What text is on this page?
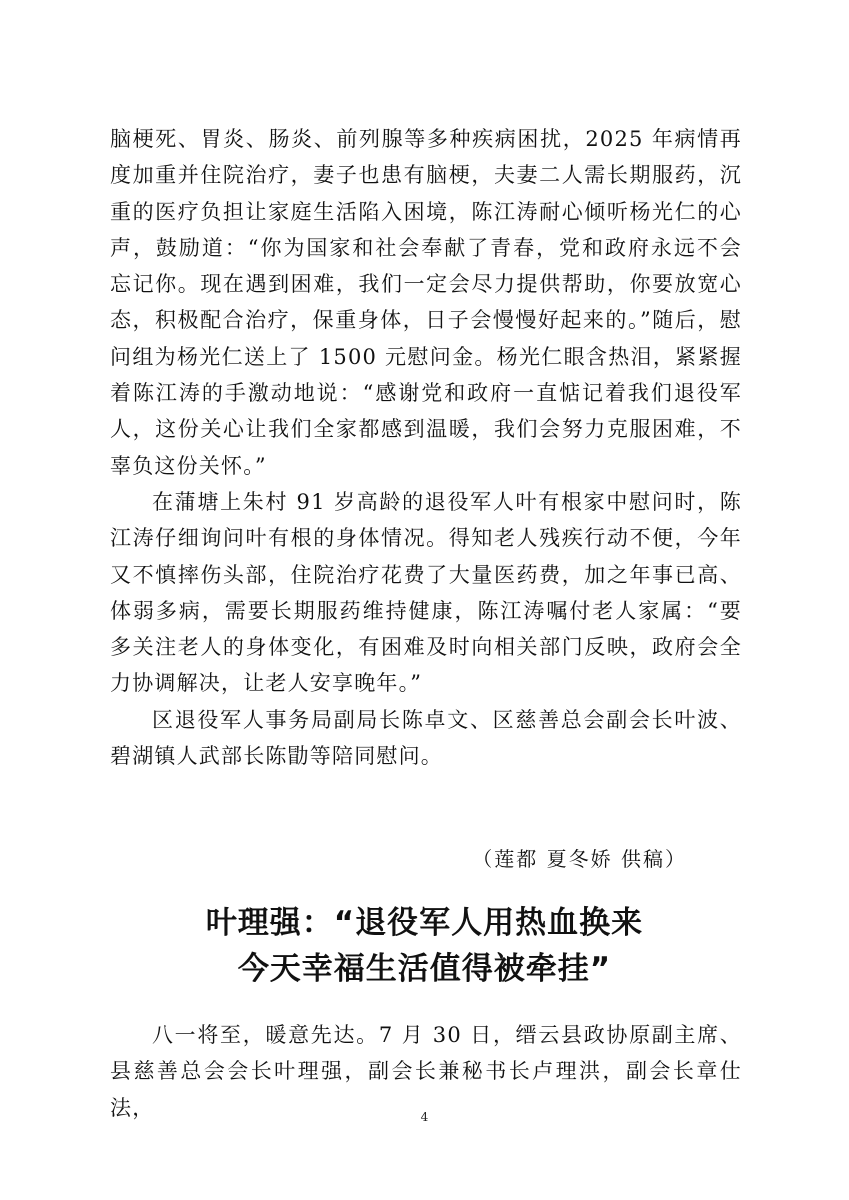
脑梗死、胃炎、肠炎、前列腺等多种疾病困扰，2025 年病情再度加重并住院治疗，妻子也患有脑梗，夫妻二人需长期服药，沉重的医疗负担让家庭生活陷入困境，陈江涛耐心倾听杨光仁的心声，鼓励道：“你为国家和社会奉献了青春，党和政府永远不会忘记你。现在遇到困难，我们一定会尽力提供帮助，你要放宽心态，积极配合治疗，保重身体，日子会慢慢好起来的。”随后，慰问组为杨光仁送上了 1500 元慰问金。杨光仁眼含热泪，紧紧握着陈江涛的手激动地说：“感谢党和政府一直惦记着我们退役军人，这份关心让我们全家都感到温暖，我们会努力克服困难，不辜负这份关怀。”

在蒲塘上朱村 91 岁高龄的退役军人叶有根家中慰问时，陈江涛仔细询问叶有根的身体情况。得知老人残疾行动不便，今年又不慎摔伤头部，住院治疗花费了大量医药费，加之年事已高、体弱多病，需要长期服药维持健康，陈江涛嘱付老人家属：“要多关注老人的身体变化，有困难及时向相关部门反映，政府会全力协调解决，让老人安享晚年。”

区退役军人事务局副局长陈卓文、区慈善总会副会长叶波、碧湖镇人武部长陈勖等陪同慰问。

（莲都 夏冬娇 供稿）

叶理强：“退役军人用热血换来
今天幸福生活值得被牵挂”

八一将至，暖意先达。7 月 30 日，缙云县政协原副主席、县慈善总会会长叶理强，副会长兼秘书长卢理洪，副会长章仕法，	4
